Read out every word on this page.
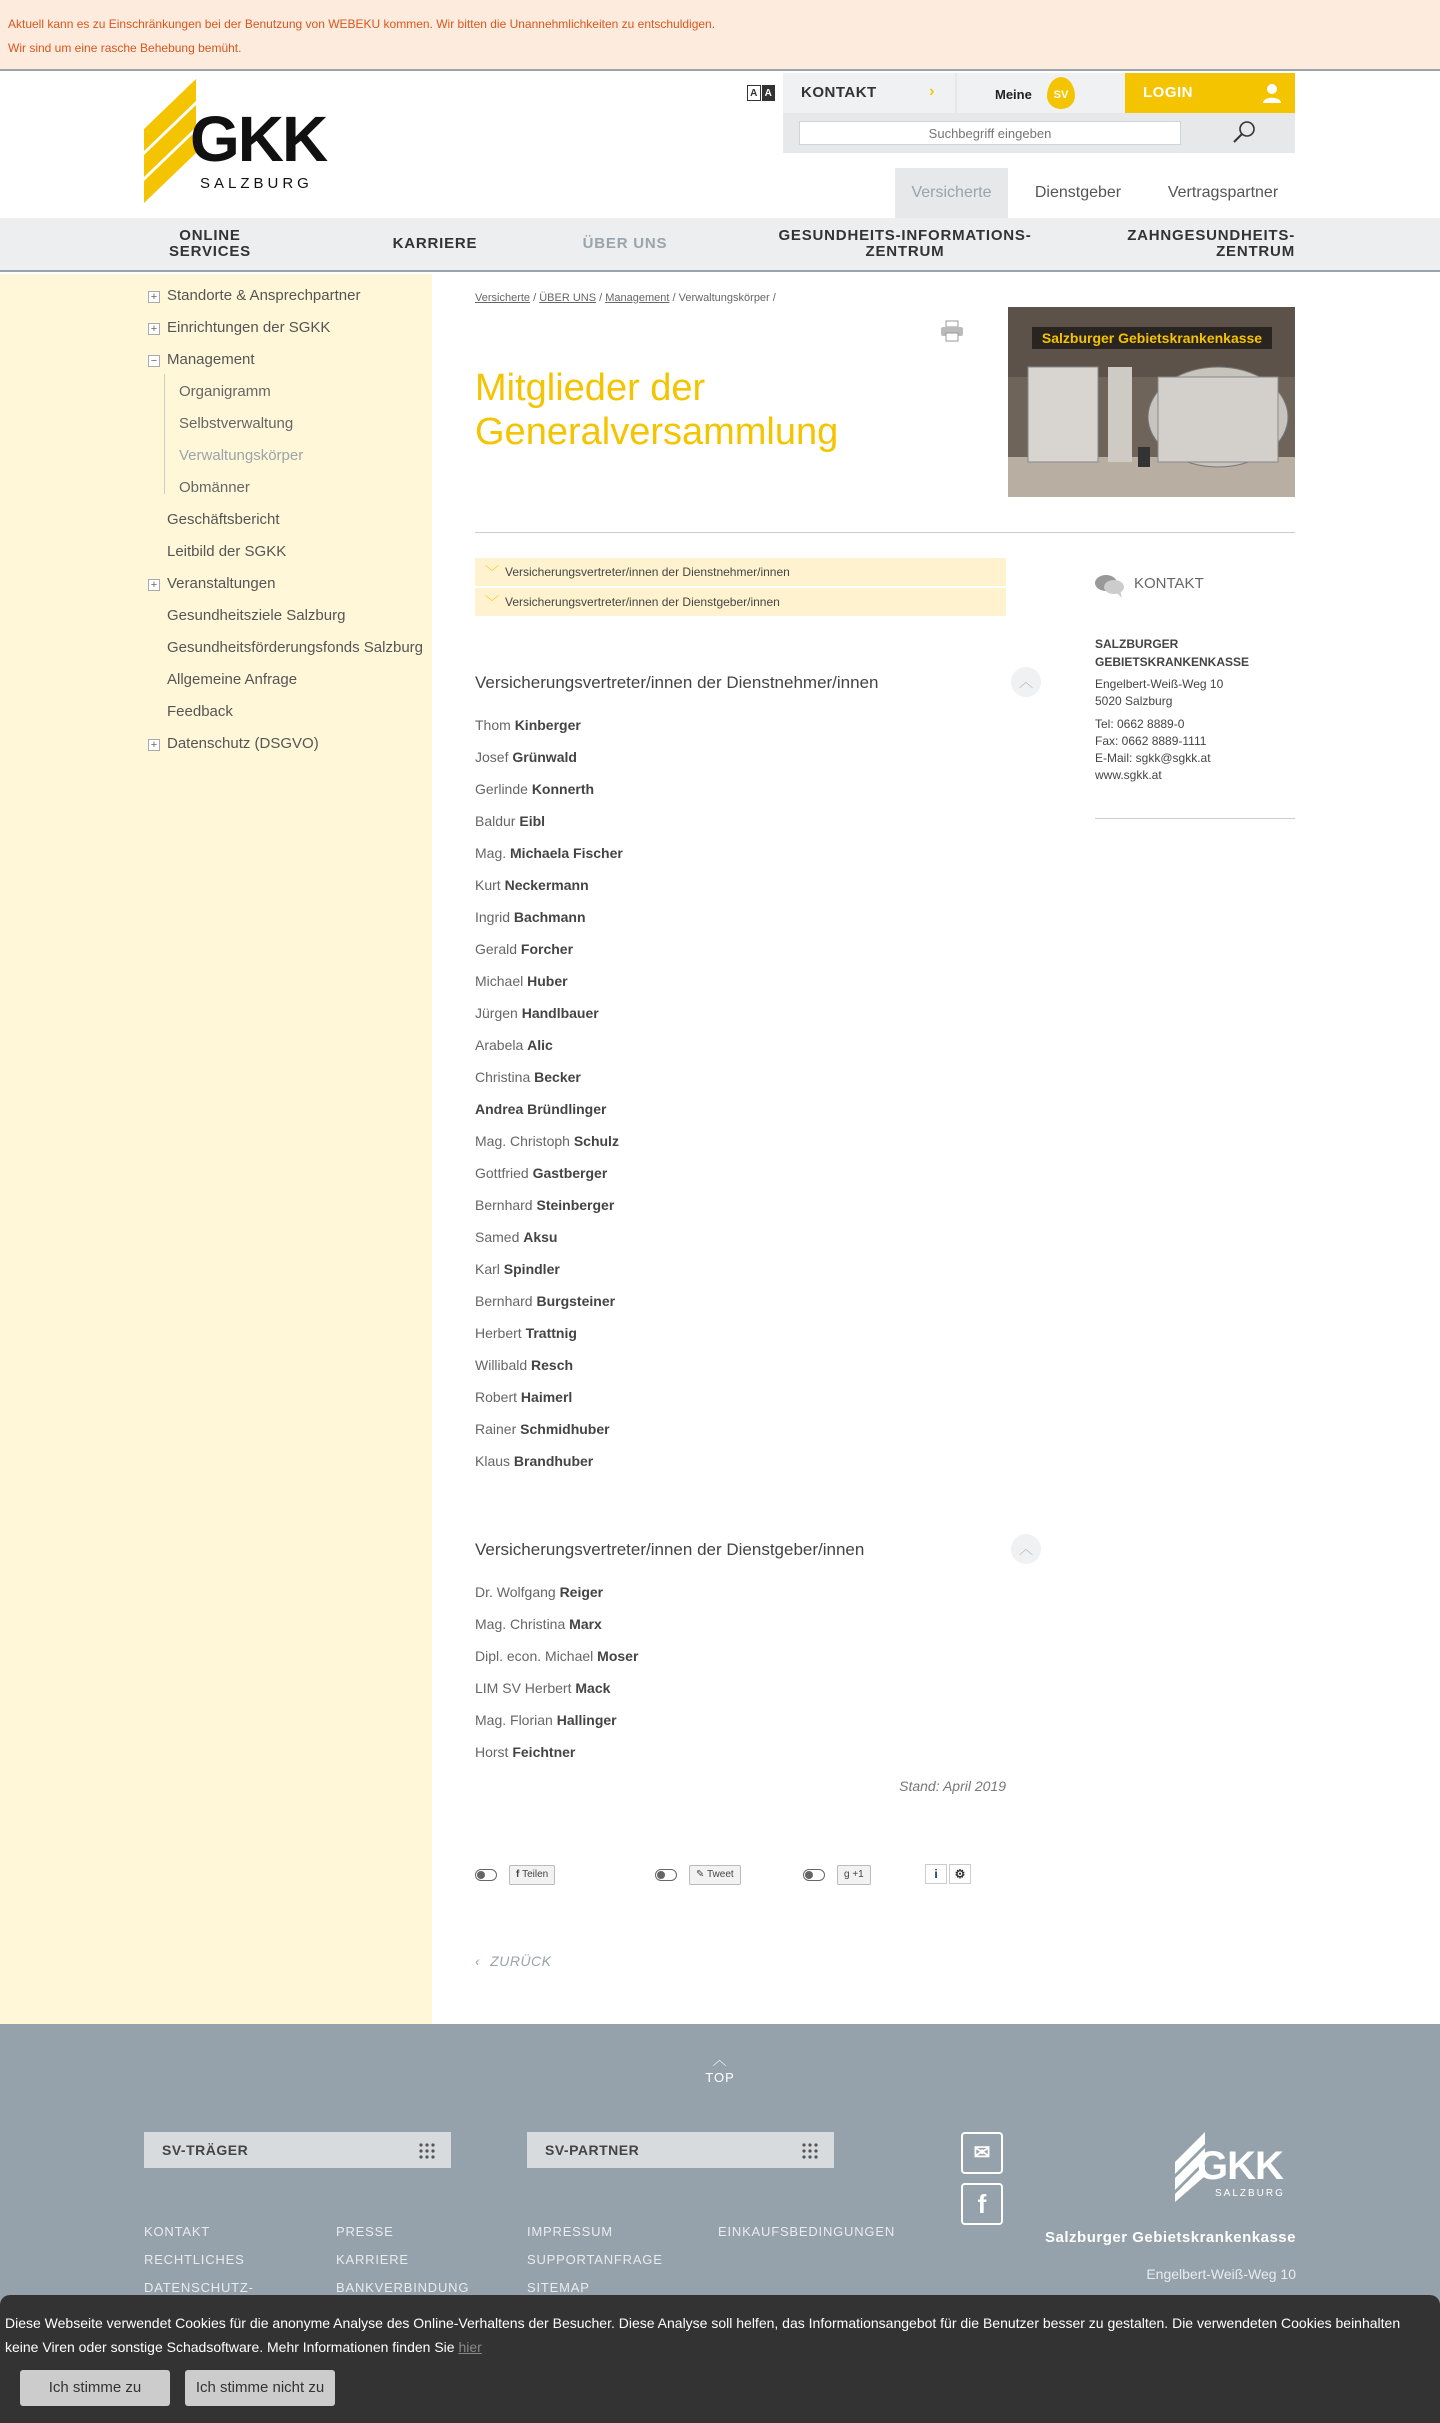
Aktuell kann es zu Einschränkungen bei der Benutzung von WEBEKU kommen. Wir bitten die Unannehmlichkeiten zu entschuldigen.
Wir sind um eine rasche Behebung bemüht.
GKK
SALZBURG
A A	KONTAKT	›	Meine	SV	LOGIN
Suchbegriff eingeben
Versicherte	Dienstgeber	Vertragspartner
ONLINE SERVICES	KARRIERE	ÜBER UNS	GESUNDHEITS-INFORMATIONS-ZENTRUM
ZAHNGESUNDHEITS-ZENTRUM
+ Standorte & Ansprechpartner
+ Einrichtungen der SGKK
− Management
Organigramm
Selbstverwaltung
Verwaltungskörper
Obmänner
Geschäftsbericht
Leitbild der SGKK
+ Veranstaltungen
Gesundheitsziele Salzburg
Gesundheitsförderungsfonds Salzburg
Allgemeine Anfrage
Feedback
+ Datenschutz (DSGVO)
Versicherte / ÜBER UNS / Management / Verwaltungskörper /
Mitglieder der Generalversammlung
Salzburger Gebietskrankenkasse
﹀ Versicherungsvertreter/innen der Dienstnehmer/innen
﹀ Versicherungsvertreter/innen der Dienstgeber/innen
Versicherungsvertreter/innen der Dienstnehmer/innen	︿
Thom Kinberger
Josef Grünwald
Gerlinde Konnerth
Baldur Eibl
Mag. Michaela Fischer
Kurt Neckermann
Ingrid Bachmann
Gerald Forcher
Michael Huber
Jürgen Handlbauer
Arabela Alic
Christina Becker
Andrea Bründlinger
Mag. Christoph Schulz
Gottfried Gastberger
Bernhard Steinberger
Samed Aksu
Karl Spindler
Bernhard Burgsteiner
Herbert Trattnig
Willibald Resch
Robert Haimerl
Rainer Schmidhuber
Klaus Brandhuber
Versicherungsvertreter/innen der Dienstgeber/innen	︿
Dr. Wolfgang Reiger
Mag. Christina Marx
Dipl. econ. Michael Moser
LIM SV Herbert Mack
Mag. Florian Hallinger
Horst Feichtner
Stand: April 2019
f Teilen	✎ Tweet	g +1	i	⚙
‹ ZURÜCK
KONTAKT
SALZBURGER
GEBIETSKRANKENKASSE
Engelbert-Weiß-Weg 10
5020 Salzburg
Tel: 0662 8889-0
Fax: 0662 8889-1111
E-Mail: sgkk@sgkk.at
www.sgkk.at
︿
TOP
SV-TRÄGER	SV-PARTNER
KONTAKT
RECHTLICHES
DATENSCHUTZ-
PRESSE
KARRIERE
BANKVERBINDUNG
IMPRESSUM
SUPPORTANFRAGE
SITEMAP
EINKAUFSBEDINGUNGEN
✉
f
GKK
SALZBURG
Salzburger Gebietskrankenkasse
Engelbert-Weiß-Weg 10
Diese Webseite verwendet Cookies für die anonyme Analyse des Online-Verhaltens der Besucher. Diese Analyse soll helfen, das Informationsangebot für die Benutzer besser zu gestalten. Die verwendeten Cookies beinhalten keine Viren oder sonstige Schadsoftware. Mehr Informationen finden Sie hier
Ich stimme zu	Ich stimme nicht zu
